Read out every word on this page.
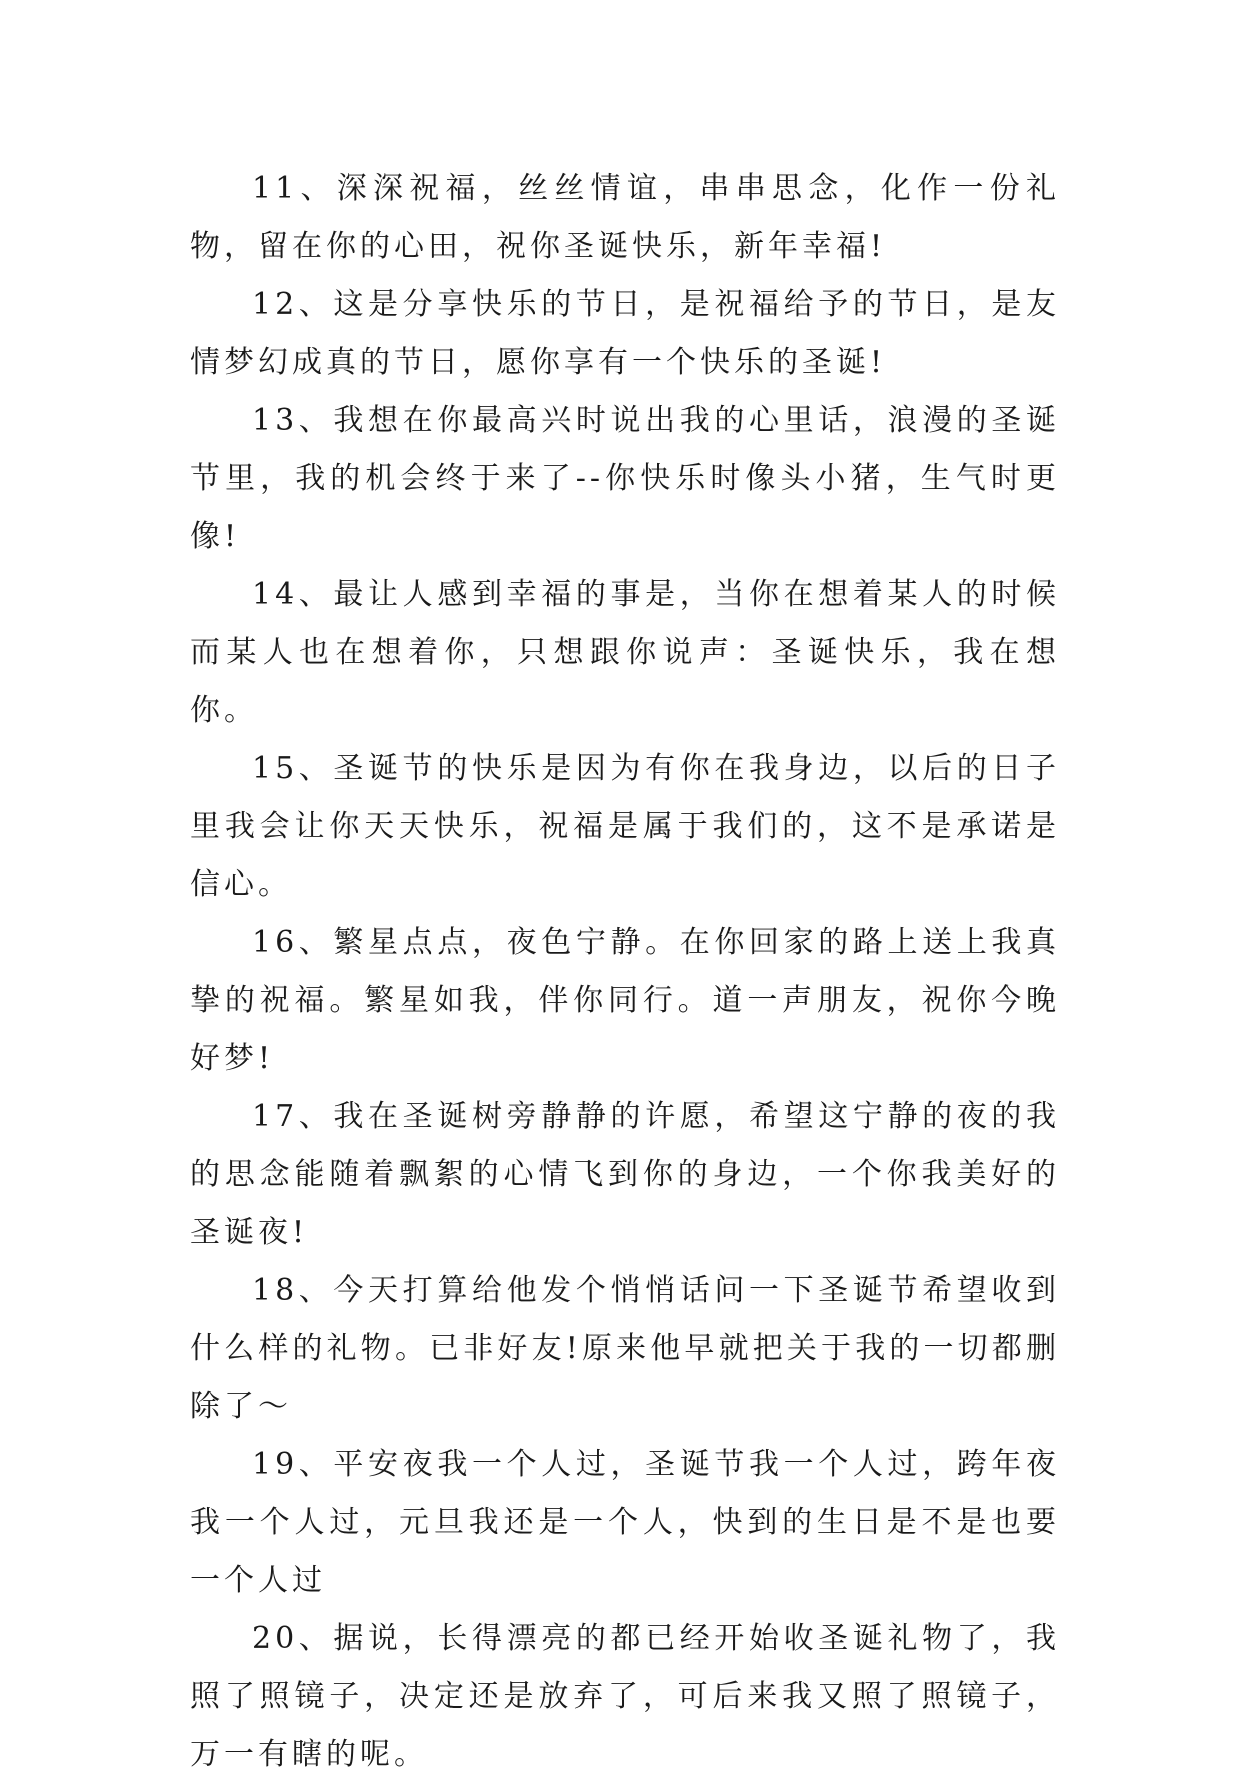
11、深深祝福，丝丝情谊，串串思念，化作一份礼物，留在你的心田，祝你圣诞快乐，新年幸福!

12、这是分享快乐的节日，是祝福给予的节日，是友情梦幻成真的节日，愿你享有一个快乐的圣诞!

13、我想在你最高兴时说出我的心里话，浪漫的圣诞节里，我的机会终于来了--你快乐时像头小猪，生气时更像!

14、最让人感到幸福的事是，当你在想着某人的时候而某人也在想着你，只想跟你说声：圣诞快乐，我在想你。

15、圣诞节的快乐是因为有你在我身边，以后的日子里我会让你天天快乐，祝福是属于我们的，这不是承诺是信心。

16、繁星点点，夜色宁静。在你回家的路上送上我真挚的祝福。繁星如我，伴你同行。道一声朋友，祝你今晚好梦!

17、我在圣诞树旁静静的许愿，希望这宁静的夜的我的思念能随着飘絮的心情飞到你的身边，一个你我美好的圣诞夜!

18、今天打算给他发个悄悄话问一下圣诞节希望收到什么样的礼物。已非好友!原来他早就把关于我的一切都删除了～

19、平安夜我一个人过，圣诞节我一个人过，跨年夜我一个人过，元旦我还是一个人，快到的生日是不是也要一个人过

20、据说，长得漂亮的都已经开始收圣诞礼物了，我照了照镜子，决定还是放弃了，可后来我又照了照镜子，万一有瞎的呢。
